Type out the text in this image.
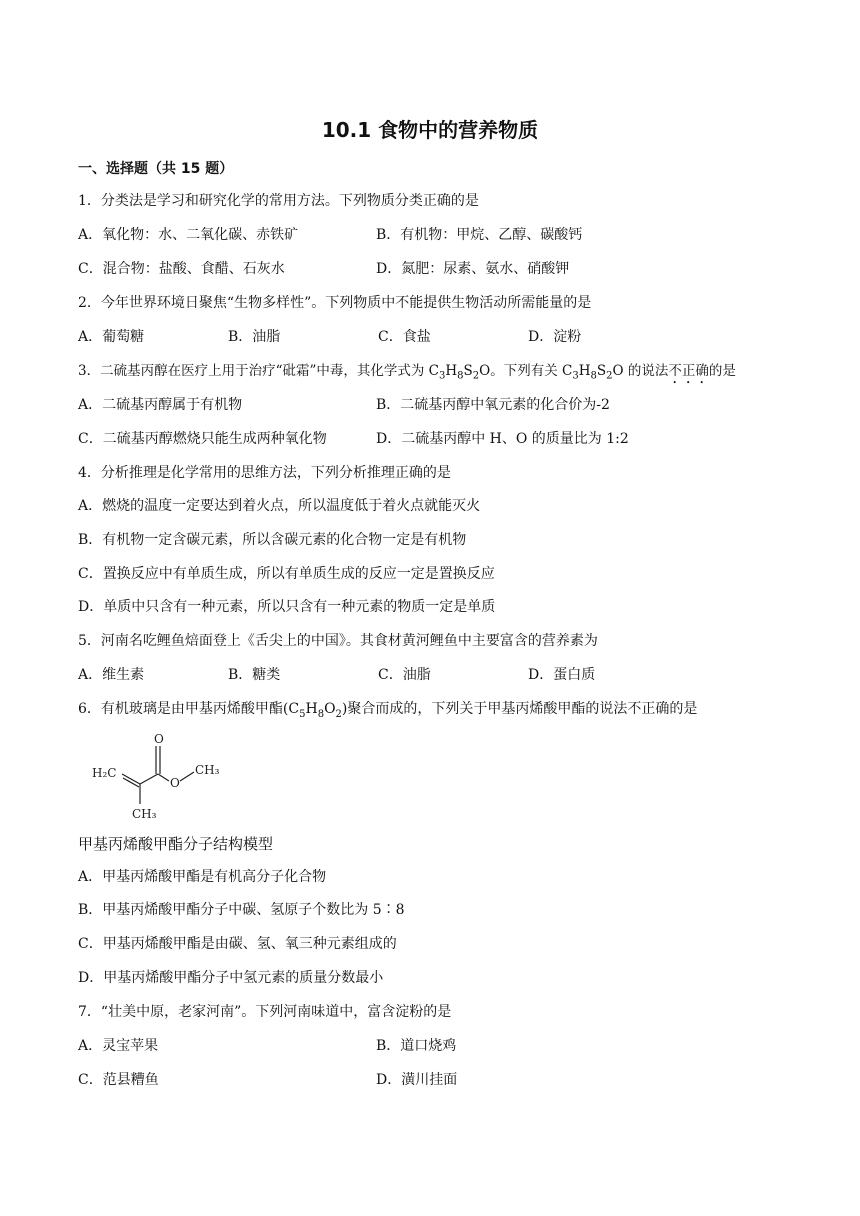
10.1 食物中的营养物质
一、选择题（共 15 题）
1．分类法是学习和研究化学的常用方法。下列物质分类正确的是
A．氧化物：水、二氧化碳、赤铁矿	B．有机物：甲烷、乙醇、碳酸钙
C．混合物：盐酸、食醋、石灰水	D．氮肥：尿素、氨水、硝酸钾
2．今年世界环境日聚焦“生物多样性”。下列物质中不能提供生物活动所需能量的是
A．葡萄糖	B．油脂	C．食盐	D．淀粉
3．二硫基丙醇在医疗上用于治疗“砒霜”中毒，其化学式为 $C_3H_8S_2O$。下列有关 $C_3H_8S_2O$ 的说法不正确的是
A．二硫基丙醇属于有机物	B．二硫基丙醇中氧元素的化合价为-2
C．二硫基丙醇燃烧只能生成两种氧化物	D．二硫基丙醇中 H、O 的质量比为 1:2
4．分析推理是化学常用的思维方法，下列分析推理正确的是
A．燃烧的温度一定要达到着火点，所以温度低于着火点就能灭火
B．有机物一定含碳元素，所以含碳元素的化合物一定是有机物
C．置换反应中有单质生成，所以有单质生成的反应一定是置换反应
D．单质中只含有一种元素，所以只含有一种元素的物质一定是单质
5．河南名吃鲤鱼焙面登上《舌尖上的中国》。其食材黄河鲤鱼中主要富含的营养素为
A．维生素	B．糖类	C．油脂	D．蛋白质
6．有机玻璃是由甲基丙烯酸甲酯$(C_5H_8O_2)$聚合而成的，下列关于甲基丙烯酸甲酯的说法不正确的是
O
H₂C	CH₃
O
CH₃
甲基丙烯酸甲酯分子结构模型
A．甲基丙烯酸甲酯是有机高分子化合物
B．甲基丙烯酸甲酯分子中碳、氢原子个数比为 5∶8
C．甲基丙烯酸甲酯是由碳、氢、氧三种元素组成的
D．甲基丙烯酸甲酯分子中氢元素的质量分数最小
7．“壮美中原，老家河南”。下列河南味道中，富含淀粉的是
A．灵宝苹果	B．道口烧鸡
C．范县糟鱼	D．潢川挂面
